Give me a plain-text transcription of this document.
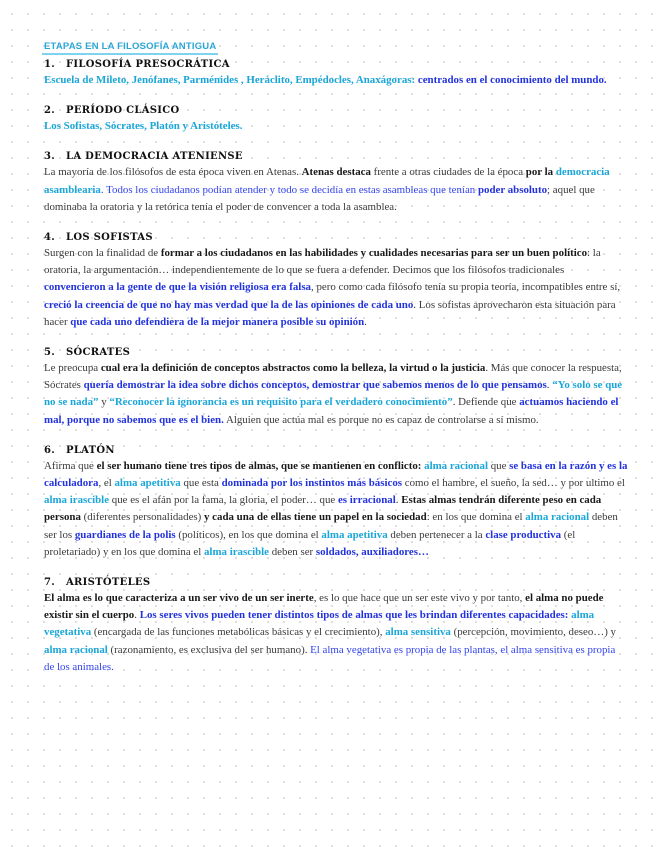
ETAPAS EN LA FILOSOFÍA ANTIGUA
1. FILOSOFÍA PRESOCRÁTICA

Escuela de Mileto, Jenófanes, Parménides , Heráclito, Empédocles, Anaxágoras: centrados en el conocimiento del mundo.

2. PERÍODO CLÁSICO

Los Sofistas, Sócrates, Platón y Aristóteles.

3. LA DEMOCRACIA ATENIENSE

La mayoría de los filósofos de esta época viven en Atenas. Atenas destaca frente a otras ciudades de la época por la democracia asamblearia. Todos los ciudadanos podían atender y todo se decidía en estas asambleas que tenían poder absoluto; aquel que dominaba la oratoria y la retórica tenía el poder de convencer a toda la asamblea.

4. LOS SOFISTAS

Surgen con la finalidad de formar a los ciudadanos en las habilidades y cualidades necesarias para ser un buen político: la oratoria, la argumentación… independientemente de lo que se fuera a defender. Decimos que los filósofos tradicionales convencieron a la gente de que la visión religiosa era falsa, pero como cada filósofo tenía su propia teoría, incompatibles entre sí, creció la creencia de que no hay mas verdad que la de las opiniones de cada uno. Los sofistas aprovecharon esta situación para hacer que cada uno defendiera de la mejor manera posible su opinión.

5. SÓCRATES

Le preocupa cual era la definición de conceptos abstractos como la belleza, la virtud o la justicia. Más que conocer la respuesta, Sócrates quería demostrar la idea sobre dichos conceptos, demostrar que sabemos menos de lo que pensamos. “Yo solo se que no se nada” y “Reconocer la ignorancia es un requisito para el verdadero conocimiento”. Defiende que actuamos haciendo el mal, porque no sabemos que es el bien. Alguien que actúa mal es porque no es capaz de controlarse a sí mismo.

6. PLATÓN

Afirma que el ser humano tiene tres tipos de almas, que se mantienen en conflicto: alma racional que se basa en la razón y es la calculadora, el alma apetitiva que esta dominada por los instintos más básicos como el hambre, el sueño, la sed… y por ultimo el alma irascible que es el afán por la fama, la gloria, el poder… que es irracional. Estas almas tendrán diferente peso en cada persona (diferentes personalidades) y cada una de ellas tiene un papel en la sociedad: en los que domina el alma racional deben ser los guardianes de la polis (políticos), en los que domina el alma apetitiva deben pertenecer a la clase productiva (el proletariado) y en los que domina el alma irascible deben ser soldados, auxiliadores…

7. ARISTÓTELES

El alma es lo que caracteriza a un ser vivo de un ser inerte, es lo que hace que un ser este vivo y por tanto, el alma no puede existir sin el cuerpo. Los seres vivos pueden tener distintos tipos de almas que les brindan diferentes capacidades: alma vegetativa (encargada de las funciones metabólicas básicas y el crecimiento), alma sensitiva (percepción, movimiento, deseo…) y alma racional (razonamiento, es exclusiva del ser humano). El alma vegetativa es propia de las plantas, el alma sensitiva es propia de los animales.
